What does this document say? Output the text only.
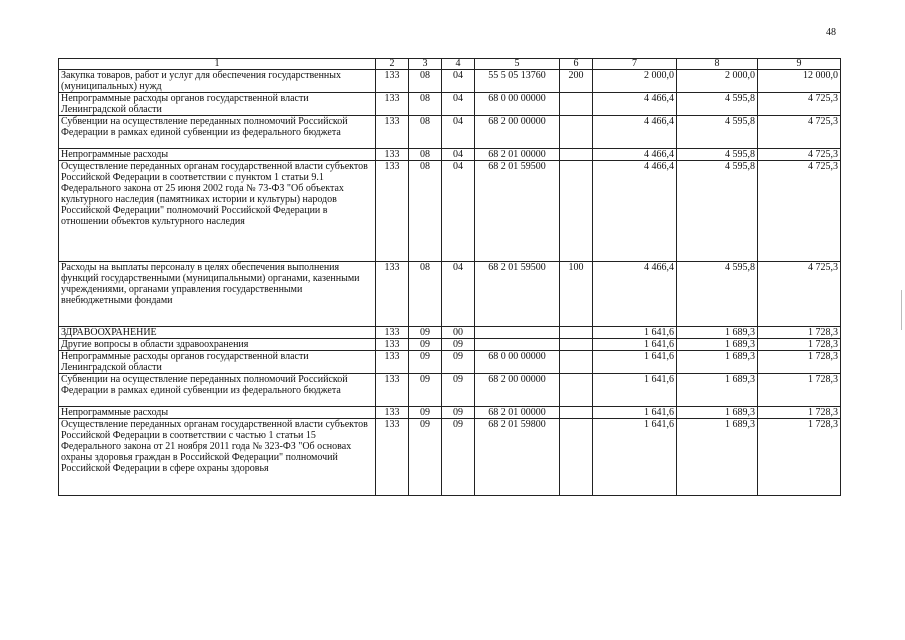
48
1	2	3	4	5	6	7	8	9
Закупка товаров, работ и услуг для обеспечения государственных (муниципальных) нужд	133	08	04	55 5 05 13760	200	2 000,0	2 000,0	12 000,0
Непрограммные расходы органов государственной власти Ленинградской области	133	08	04	68 0 00 00000		4 466,4	4 595,8	4 725,3
Субвенции на осуществление переданных полномочий Российской Федерации в рамках единой субвенции из федерального бюджета	133	08	04	68 2 00 00000		4 466,4	4 595,8	4 725,3
Непрограммные расходы	133	08	04	68 2 01 00000		4 466,4	4 595,8	4 725,3
Осуществление переданных органам государственной власти субъектов Российской Федерации в соответствии с пунктом 1 статьи 9.1 Федерального закона от 25 июня 2002 года № 73-ФЗ "Об объектах культурного наследия (памятниках истории и культуры) народов Российской Федерации" полномочий Российской Федерации в отношении объектов культурного наследия	133	08	04	68 2 01 59500		4 466,4	4 595,8	4 725,3
Расходы на выплаты персоналу в целях обеспечения выполнения функций государственными (муниципальными) органами, казенными учреждениями, органами управления государственными внебюджетными фондами	133	08	04	68 2 01 59500	100	4 466,4	4 595,8	4 725,3
ЗДРАВООХРАНЕНИЕ	133	09	00			1 641,6	1 689,3	1 728,3
Другие вопросы в области здравоохранения	133	09	09			1 641,6	1 689,3	1 728,3
Непрограммные расходы органов государственной власти Ленинградской области	133	09	09	68 0 00 00000		1 641,6	1 689,3	1 728,3
Субвенции на осуществление переданных полномочий Российской Федерации в рамках единой субвенции из федерального бюджета	133	09	09	68 2 00 00000		1 641,6	1 689,3	1 728,3
Непрограммные расходы	133	09	09	68 2 01 00000		1 641,6	1 689,3	1 728,3
Осуществление переданных органам государственной власти субъектов Российской Федерации в соответствии с частью 1 статьи 15 Федерального закона от 21 ноября 2011 года № 323-ФЗ "Об основах охраны здоровья граждан в Российской Федерации" полномочий Российской Федерации в сфере охраны здоровья	133	09	09	68 2 01 59800		1 641,6	1 689,3	1 728,3
